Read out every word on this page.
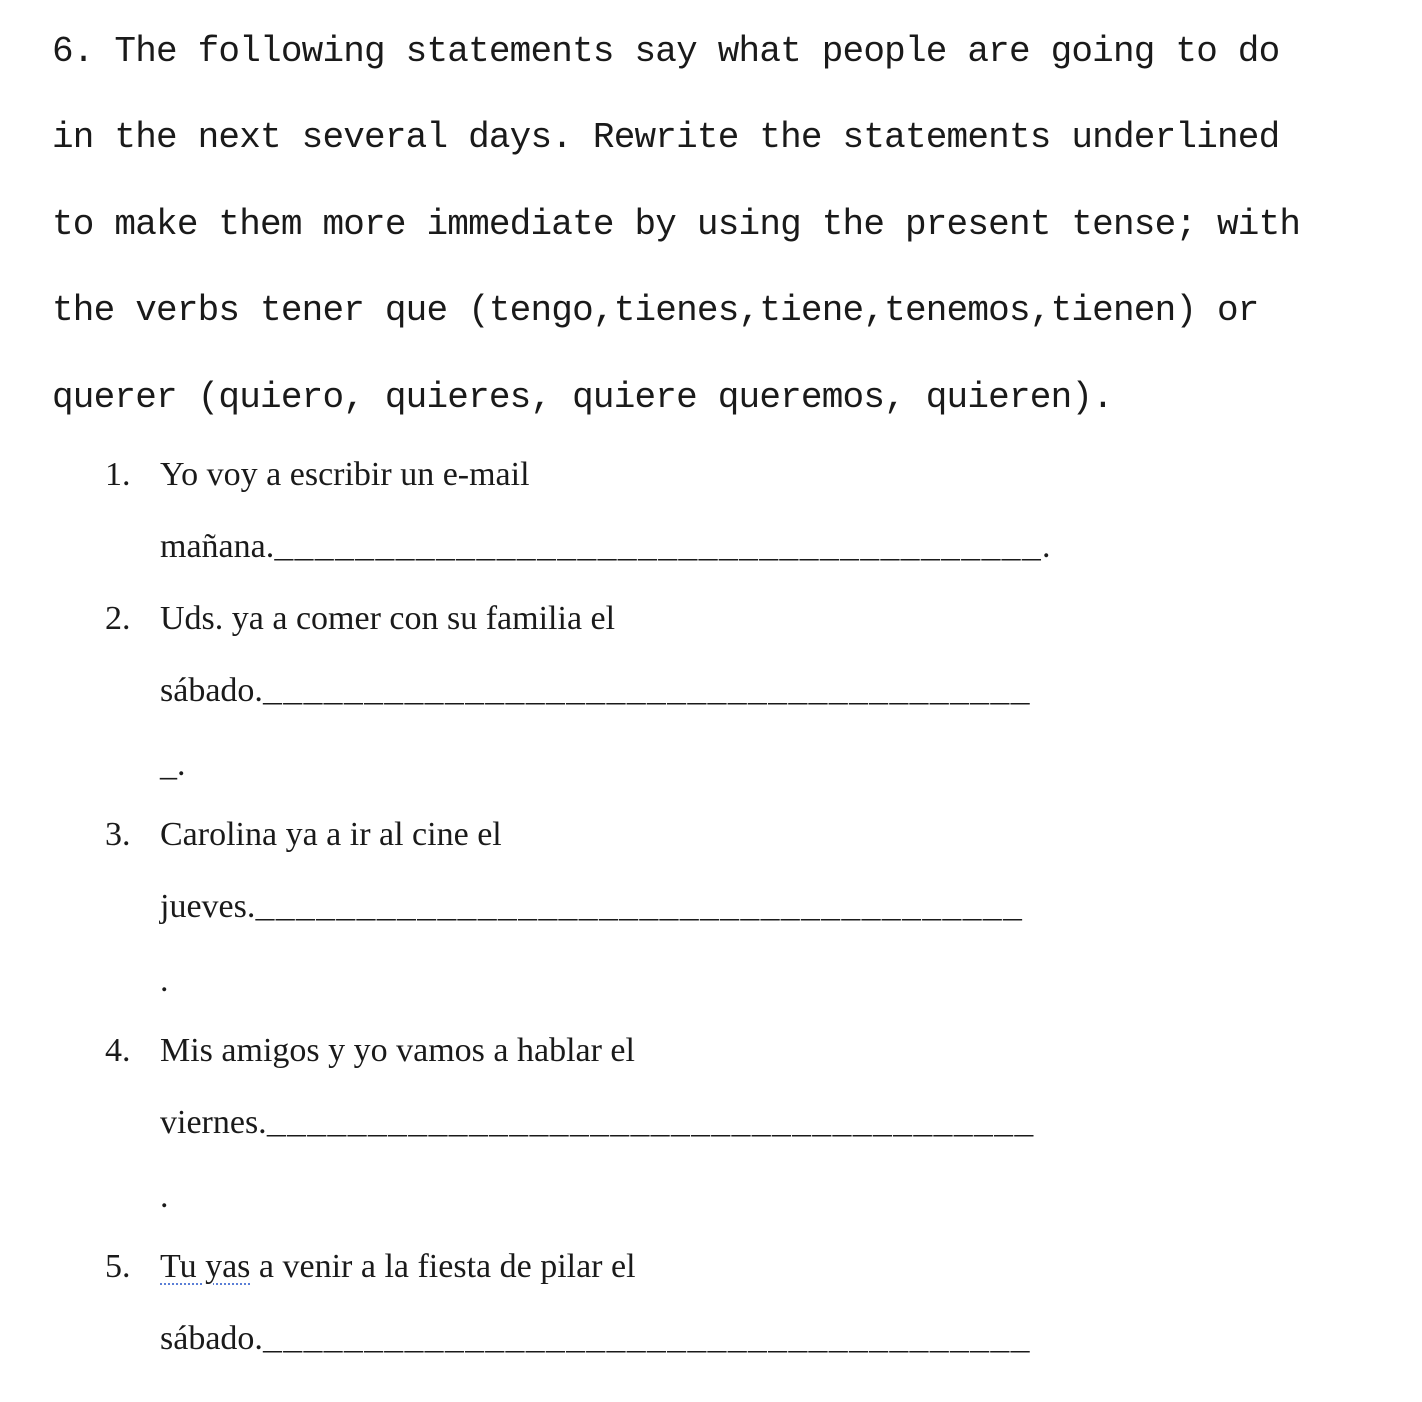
6. The following statements say what people are going to do
in the next several days. Rewrite the statements underlined
to make them more immediate by using the present tense; with
the verbs tener que (tengo,tienes,tiene,tenemos,tienen) or
querer (quiero, quieres, quiere queremos, quieren).
1. Yo voy a escribir un e-mail
mañana.______________________________________.
2. Uds. ya a comer con su familia el
sábado.______________________________________
_.
3. Carolina ya a ir al cine el
jueves.______________________________________
.
4. Mis amigos y yo vamos a hablar el
viernes.______________________________________
.
5. Tu yas a venir a la fiesta de pilar el
sábado.______________________________________
